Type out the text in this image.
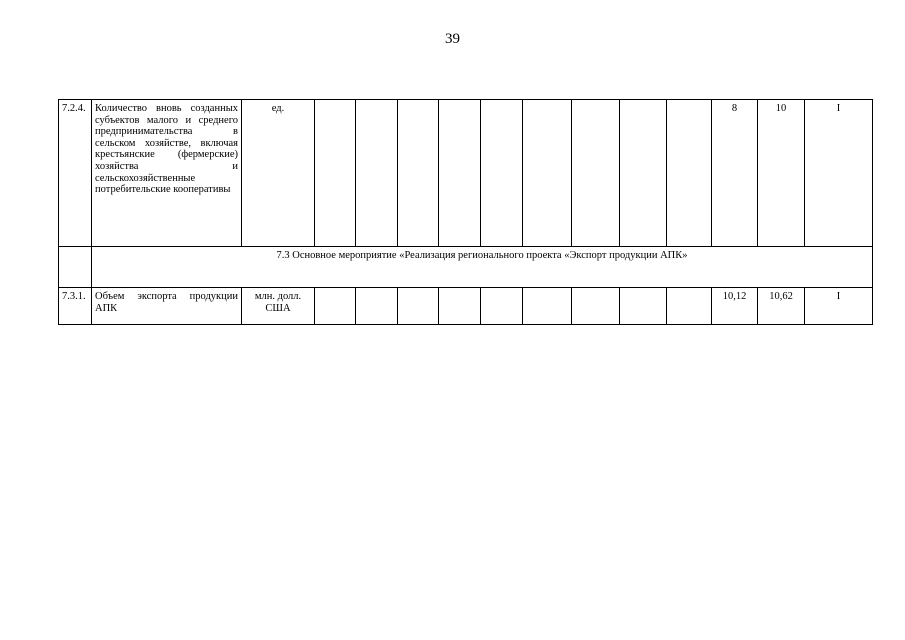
39
7.2.4.	Количество вновь созданных субъектов малого и среднего предпринимательства в сельском хозяйстве, включая крестьянские (фермерские) хозяйства и сельскохозяйственные потребительские кооперативы	ед.										8	10	I
	7.3 Основное мероприятие «Реализация регионального проекта «Экспорт продукции АПК»													
7.3.1.	Объем экспорта продукции АПК	млн. долл. США										10,12	10,62	I
